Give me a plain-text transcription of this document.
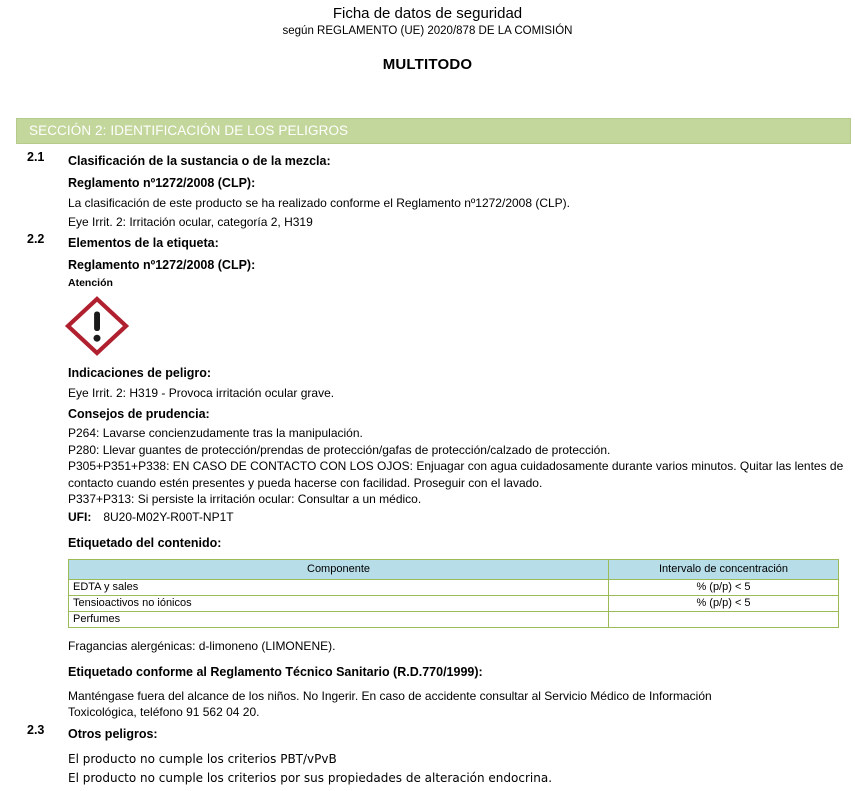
Ficha de datos de seguridad
según REGLAMENTO (UE) 2020/878 DE LA COMISIÓN
MULTITODO
SECCIÓN 2: IDENTIFICACIÓN DE LOS PELIGROS
2.1 Clasificación de la sustancia o de la mezcla:
Reglamento nº1272/2008 (CLP):
La clasificación de este producto se ha realizado conforme el Reglamento nº1272/2008 (CLP).
Eye Irrit. 2: Irritación ocular, categoría 2, H319
2.2 Elementos de la etiqueta:
Reglamento nº1272/2008 (CLP):
Atención
Indicaciones de peligro:
Eye Irrit. 2: H319 - Provoca irritación ocular grave.
Consejos de prudencia:
P264: Lavarse concienzudamente tras la manipulación.
P280: Llevar guantes de protección/prendas de protección/gafas de protección/calzado de protección.
P305+P351+P338: EN CASO DE CONTACTO CON LOS OJOS: Enjuagar con agua cuidadosamente durante varios minutos. Quitar las lentes de contacto cuando estén presentes y pueda hacerse con facilidad. Proseguir con el lavado.
P337+P313: Si persiste la irritación ocular: Consultar a un médico.
UFI: 8U20-M02Y-R00T-NP1T
Etiquetado del contenido:
Componente	Intervalo de concentración
EDTA y sales	% (p/p) < 5
Tensioactivos no iónicos	% (p/p) < 5
Perfumes	
Fragancias alergénicas: d-limoneno (LIMONENE).
Etiquetado conforme al Reglamento Técnico Sanitario (R.D.770/1999):
Manténgase fuera del alcance de los niños. No Ingerir. En caso de accidente consultar al Servicio Médico de Información
Toxicológica, teléfono 91 562 04 20.
2.3 Otros peligros:
El producto no cumple los criterios PBT/vPvB
El producto no cumple los criterios por sus propiedades de alteración endocrina.
